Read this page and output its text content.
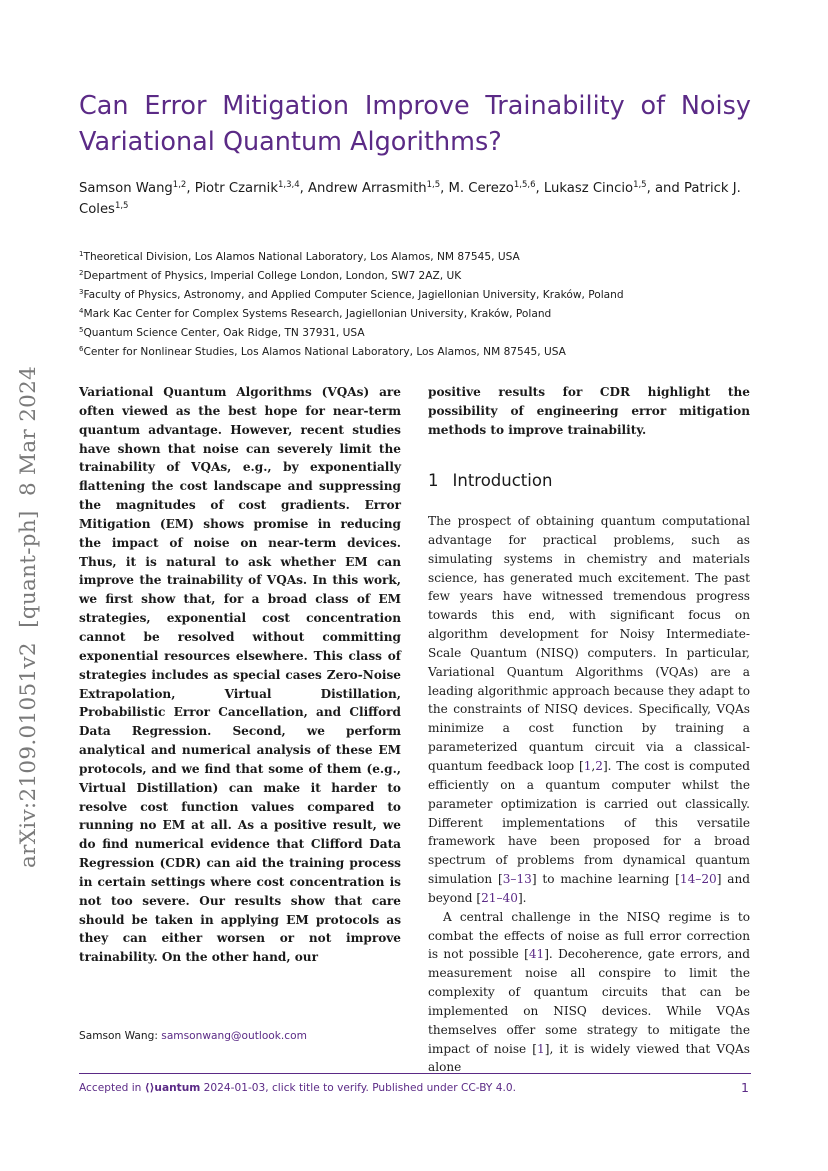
Can Error Mitigation Improve Trainability of Noisy Variational Quantum Algorithms?
Samson Wang$^{1,2}$, Piotr Czarnik$^{1,3,4}$, Andrew Arrasmith$^{1,5}$, M. Cerezo$^{1,5,6}$, Lukasz Cincio$^{1,5}$, and Patrick J. Coles$^{1,5}$
$^1$Theoretical Division, Los Alamos National Laboratory, Los Alamos, NM 87545, USA
$^2$Department of Physics, Imperial College London, London, SW7 2AZ, UK
$^3$Faculty of Physics, Astronomy, and Applied Computer Science, Jagiellonian University, Kraków, Poland
$^4$Mark Kac Center for Complex Systems Research, Jagiellonian University, Kraków, Poland
$^5$Quantum Science Center, Oak Ridge, TN 37931, USA
$^6$Center for Nonlinear Studies, Los Alamos National Laboratory, Los Alamos, NM 87545, USA
arXiv:2109.01051v2  [quant-ph]  8 Mar 2024	Variational Quantum Algorithms (VQAs) are often viewed as the best hope for near-term quantum advantage. However, recent studies have shown that noise can severely limit the trainability of VQAs, e.g., by exponentially flattening the cost landscape and suppressing the magnitudes of cost gradients. Error Mitigation (EM) shows promise in reducing the impact of noise on near-term devices. Thus, it is natural to ask whether EM can improve the trainability of VQAs. In this work, we first show that, for a broad class of EM strategies, exponential cost concentration cannot be resolved without committing exponential resources elsewhere. This class of strategies includes as special cases Zero-Noise Extrapolation, Virtual Distillation, Probabilistic Error Cancellation, and Clifford Data Regression. Second, we perform analytical and numerical analysis of these EM protocols, and we find that some of them (e.g., Virtual Distillation) can make it harder to resolve cost function values compared to running no EM at all. As a positive result, we do find numerical evidence that Clifford Data Regression (CDR) can aid the training process in certain settings where cost concentration is not too severe. Our results show that care should be taken in applying EM protocols as they can either worsen or not improve trainability. On the other hand, our

positive results for CDR highlight the possibility of engineering error mitigation methods to improve trainability.

Samson Wang: samsonwang@outlook.com
1 Introduction

The prospect of obtaining quantum computational advantage for practical problems, such as simulating systems in chemistry and materials science, has generated much excitement. The past few years have witnessed tremendous progress towards this end, with significant focus on algorithm development for Noisy Intermediate-Scale Quantum (NISQ) computers. In particular, Variational Quantum Algorithms (VQAs) are a leading algorithmic approach because they adapt to the constraints of NISQ devices. Specifically, VQAs minimize a cost function by training a parameterized quantum circuit via a classical-quantum feedback loop [1,2]. The cost is computed efficiently on a quantum computer whilst the parameter optimization is carried out classically. Different implementations of this versatile framework have been proposed for a broad spectrum of problems from dynamical quantum simulation [3–13] to machine learning [14–20] and beyond [21–40].

A central challenge in the NISQ regime is to combat the effects of noise as full error correction is not possible [41]. Decoherence, gate errors, and measurement noise all conspire to limit the complexity of quantum circuits that can be implemented on NISQ devices. While VQAs themselves offer some strategy to mitigate the impact of noise [1], it is widely viewed that VQAs alone

Accepted in ⟨⟩uantum 2024-01-03, click title to verify. Published under CC-BY 4.0.	1
